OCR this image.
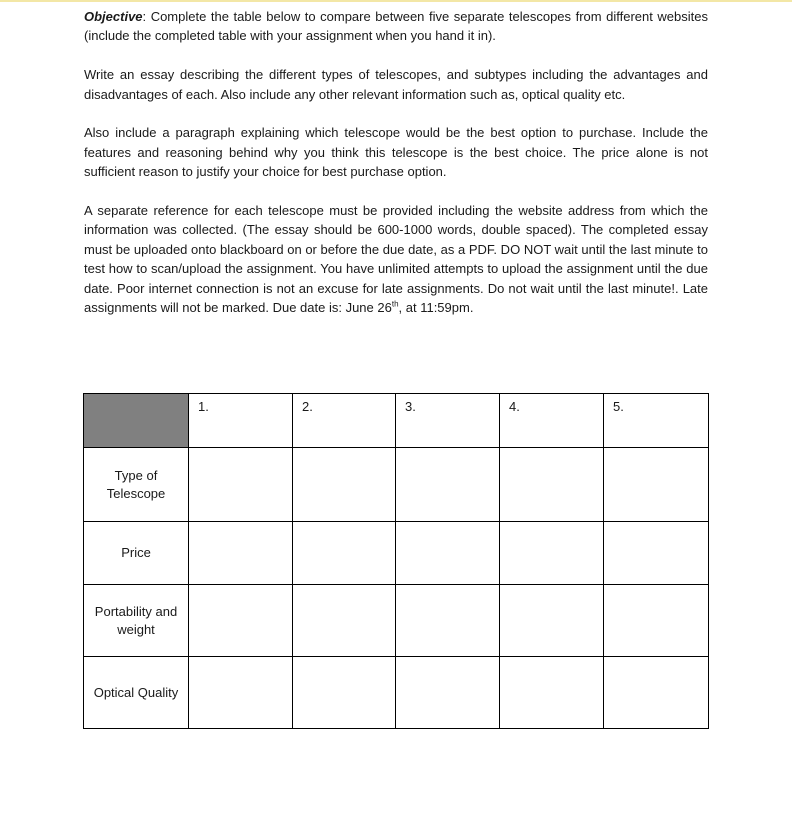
Objective: Complete the table below to compare between five separate telescopes from different websites (include the completed table with your assignment when you hand it in).

Write an essay describing the different types of telescopes, and subtypes including the advantages and disadvantages of each. Also include any other relevant information such as, optical quality etc.

Also include a paragraph explaining which telescope would be the best option to purchase. Include the features and reasoning behind why you think this telescope is the best choice. The price alone is not sufficient reason to justify your choice for best purchase option.

A separate reference for each telescope must be provided including the website address from which the information was collected. (The essay should be 600-1000 words, double spaced). The completed essay must be uploaded onto blackboard on or before the due date, as a PDF. DO NOT wait until the last minute to test how to scan/upload the assignment. You have unlimited attempts to upload the assignment until the due date. Poor internet connection is not an excuse for late assignments. Do not wait until the last minute!. Late assignments will not be marked. Due date is: June 26th, at 11:59pm.

	1.	2.	3.	4.	5.
Type of Telescope					
Price					
Portability and weight					
Optical Quality					
